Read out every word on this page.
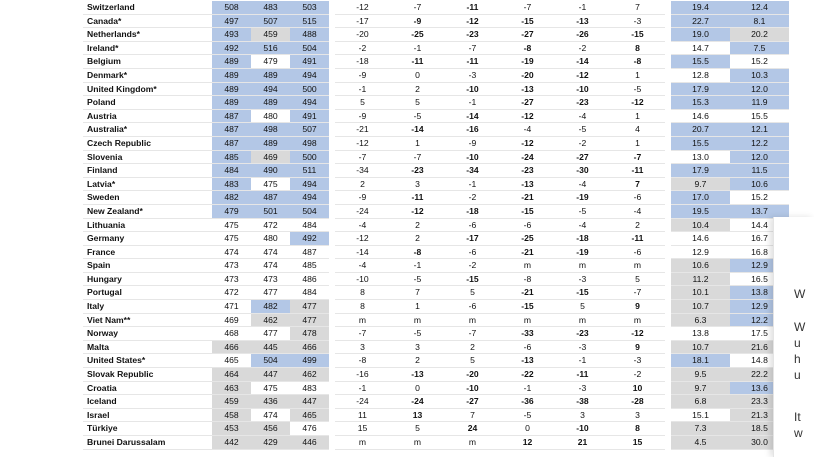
Switzerland	508	483	503	-12	-7	-11	-7	-1	7	19.4	12.4
Canada*	497	507	515	-17	-9	-12	-15	-13	-3	22.7	8.1
Netherlands*	493	459	488	-20	-25	-23	-27	-26	-15	19.0	20.2
Ireland*	492	516	504	-2	-1	-7	-8	-2	8	14.7	7.5
Belgium	489	479	491	-18	-11	-11	-19	-14	-8	15.5	15.2
Denmark*	489	489	494	-9	0	-3	-20	-12	1	12.8	10.3
United Kingdom*	489	494	500	-1	2	-10	-13	-10	-5	17.9	12.0
Poland	489	489	494	5	5	-1	-27	-23	-12	15.3	11.9
Austria	487	480	491	-9	-5	-14	-12	-4	1	14.6	15.5
Australia*	487	498	507	-21	-14	-16	-4	-5	4	20.7	12.1
Czech Republic	487	489	498	-12	1	-9	-12	-2	1	15.5	12.2
Slovenia	485	469	500	-7	-7	-10	-24	-27	-7	13.0	12.0
Finland	484	490	511	-34	-23	-34	-23	-30	-11	17.9	11.5
Latvia*	483	475	494	2	3	-1	-13	-4	7	9.7	10.6
Sweden	482	487	494	-9	-11	-2	-21	-19	-6	17.0	15.2
New Zealand*	479	501	504	-24	-12	-18	-15	-5	-4	19.5	13.7
Lithuania	475	472	484	-4	2	-6	-6	-4	2	10.4	14.4
Germany	475	480	492	-12	2	-17	-25	-18	-11	14.6	16.7
France	474	474	487	-14	-8	-6	-21	-19	-6	12.9	16.8
Spain	473	474	485	-4	-1	-2	m	m	m	10.6	12.9
Hungary	473	473	486	-10	-5	-15	-8	-3	5	11.2	16.5
Portugal	472	477	484	8	7	5	-21	-15	-7	10.1	13.8
Italy	471	482	477	8	1	-6	-15	5	9	10.7	12.9
Viet Nam**	469	462	477	m	m	m	m	m	m	6.3	12.2
Norway	468	477	478	-7	-5	-7	-33	-23	-12	13.8	17.5
Malta	466	445	466	3	3	2	-6	-3	9	10.7	21.6
United States*	465	504	499	-8	2	5	-13	-1	-3	18.1	14.8
Slovak Republic	464	447	462	-16	-13	-20	-22	-11	-2	9.5	22.2
Croatia	463	475	483	-1	0	-10	-1	-3	10	9.7	13.6
Iceland	459	436	447	-24	-24	-27	-36	-38	-28	6.8	23.3
Israel	458	474	465	11	13	7	-5	3	3	15.1	21.3
Türkiye	453	456	476	15	5	24	0	-10	8	7.3	18.5
Brunei Darussalam	442	429	446	m	m	m	12	21	15	4.5	30.0
W
W
u
h
u
It
w
